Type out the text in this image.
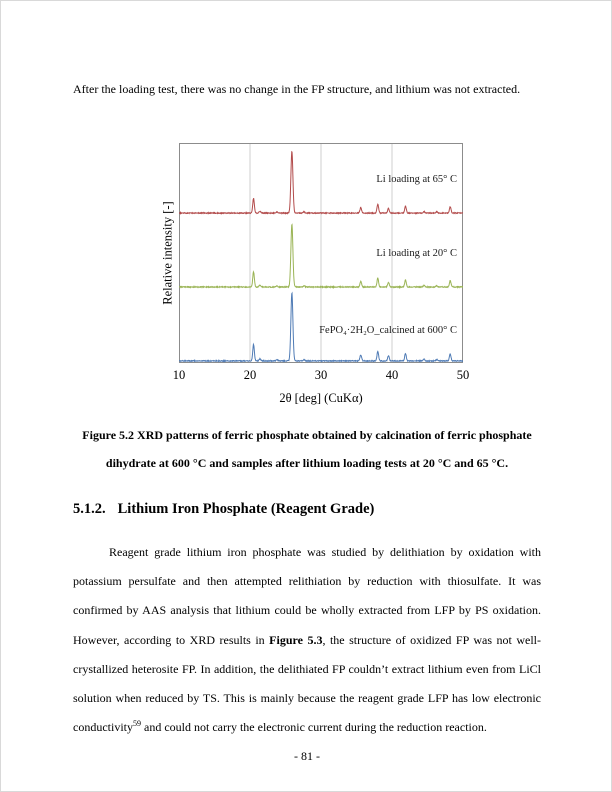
After the loading test, there was no change in the FP structure, and lithium was not extracted.

Relative intensity [-]
Li loading at 65° C
Li loading at 20° C
FePO₄·2H₂O_calcined at 600° C
10	20	30	40	50
2θ [deg] (CuKα)
Figure 5.2 XRD patterns of ferric phosphate obtained by calcination of ferric phosphate
dihydrate at 600 °C and samples after lithium loading tests at 20 °C and 65 °C.
5.1.2. Lithium Iron Phosphate (Reagent Grade)

Reagent grade lithium iron phosphate was studied by delithiation by oxidation with potassium persulfate and then attempted relithiation by reduction with thiosulfate. It was confirmed by AAS analysis that lithium could be wholly extracted from LFP by PS oxidation. However, according to XRD results in Figure 5.3, the structure of oxidized FP was not well-crystallized heterosite FP. In addition, the delithiated FP couldn’t extract lithium even from LiCl solution when reduced by TS. This is mainly because the reagent grade LFP has low electronic conductivity$^{59}$ and could not carry the electronic current during the reduction reaction.

- 81 -
